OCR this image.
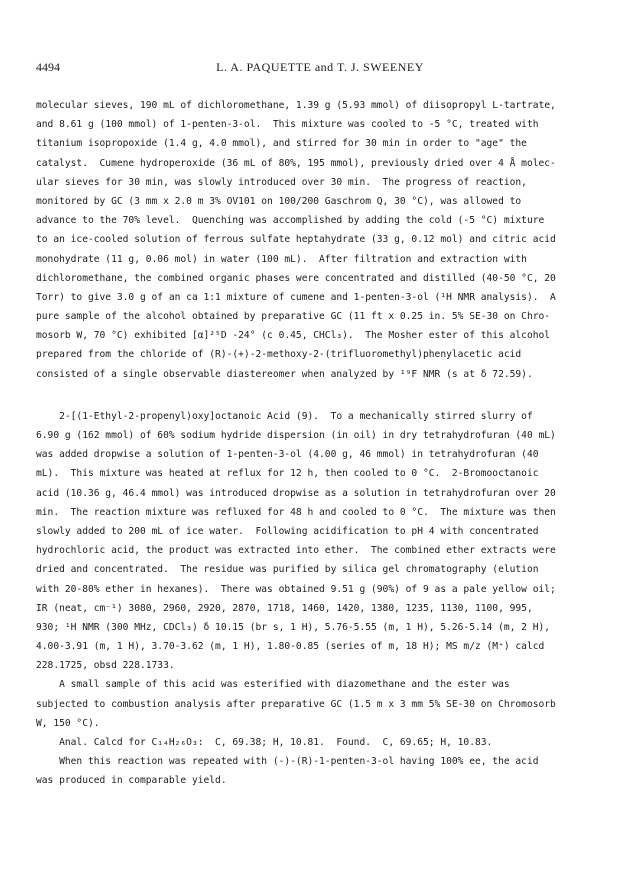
4494	L. A. PAQUETTE and T. J. SWEENEY
molecular sieves, 190 mL of dichloromethane, 1.39 g (5.93 mmol) of diisopropyl L-tartrate,
and 8.61 g (100 mmol) of 1-penten-3-ol.  This mixture was cooled to -5 °C, treated with
titanium isopropoxide (1.4 g, 4.0 mmol), and stirred for 30 min in order to "age" the
catalyst.  Cumene hydroperoxide (36 mL of 80%, 195 mmol), previously dried over 4 Å molec-
ular sieves for 30 min, was slowly introduced over 30 min.  The progress of reaction,
monitored by GC (3 mm x 2.0 m 3% OV101 on 100/200 Gaschrom Q, 30 °C), was allowed to
advance to the 70% level.  Quenching was accomplished by adding the cold (-5 °C) mixture
to an ice-cooled solution of ferrous sulfate heptahydrate (33 g, 0.12 mol) and citric acid
monohydrate (11 g, 0.06 mol) in water (100 mL).  After filtration and extraction with
dichloromethane, the combined organic phases were concentrated and distilled (40-50 °C, 20
Torr) to give 3.0 g of an ca 1:1 mixture of cumene and 1-penten-3-ol (¹H NMR analysis).  A
pure sample of the alcohol obtained by preparative GC (11 ft x 0.25 in. 5% SE-30 on Chro-
mosorb W, 70 °C) exhibited [α]²⁵D -24° (c 0.45, CHCl₃).  The Mosher ester of this alcohol
prepared from the chloride of (R)-(+)-2-methoxy-2-(trifluoromethyl)phenylacetic acid
consisted of a single observable diastereomer when analyzed by ¹⁹F NMR (s at δ 72.59).
2-[(1-Ethyl-2-propenyl)oxy]octanoic Acid (9).  To a mechanically stirred slurry of
6.90 g (162 mmol) of 60% sodium hydride dispersion (in oil) in dry tetrahydrofuran (40 mL)
was added dropwise a solution of 1-penten-3-ol (4.00 g, 46 mmol) in tetrahydrofuran (40
mL).  This mixture was heated at reflux for 12 h, then cooled to 0 °C.  2-Bromooctanoic
acid (10.36 g, 46.4 mmol) was introduced dropwise as a solution in tetrahydrofuran over 20
min.  The reaction mixture was refluxed for 48 h and cooled to 0 °C.  The mixture was then
slowly added to 200 mL of ice water.  Following acidification to pH 4 with concentrated
hydrochloric acid, the product was extracted into ether.  The combined ether extracts were
dried and concentrated.  The residue was purified by silica gel chromatography (elution
with 20-80% ether in hexanes).  There was obtained 9.51 g (90%) of 9 as a pale yellow oil;
IR (neat, cm⁻¹) 3080, 2960, 2920, 2870, 1718, 1460, 1420, 1380, 1235, 1130, 1100, 995,
930; ¹H NMR (300 MHz, CDCl₃) δ 10.15 (br s, 1 H), 5.76-5.55 (m, 1 H), 5.26-5.14 (m, 2 H),
4.00-3.91 (m, 1 H), 3.70-3.62 (m, 1 H), 1.80-0.85 (series of m, 18 H); MS m/z (M⁺) calcd
228.1725, obsd 228.1733.
A small sample of this acid was esterified with diazomethane and the ester was
subjected to combustion analysis after preparative GC (1.5 m x 3 mm 5% SE-30 on Chromosorb
W, 150 °C).
Anal. Calcd for C₁₄H₂₆O₃:  C, 69.38; H, 10.81.  Found.  C, 69.65; H, 10.83.
When this reaction was repeated with (-)-(R)-1-penten-3-ol having 100% ee, the acid
was produced in comparable yield.
